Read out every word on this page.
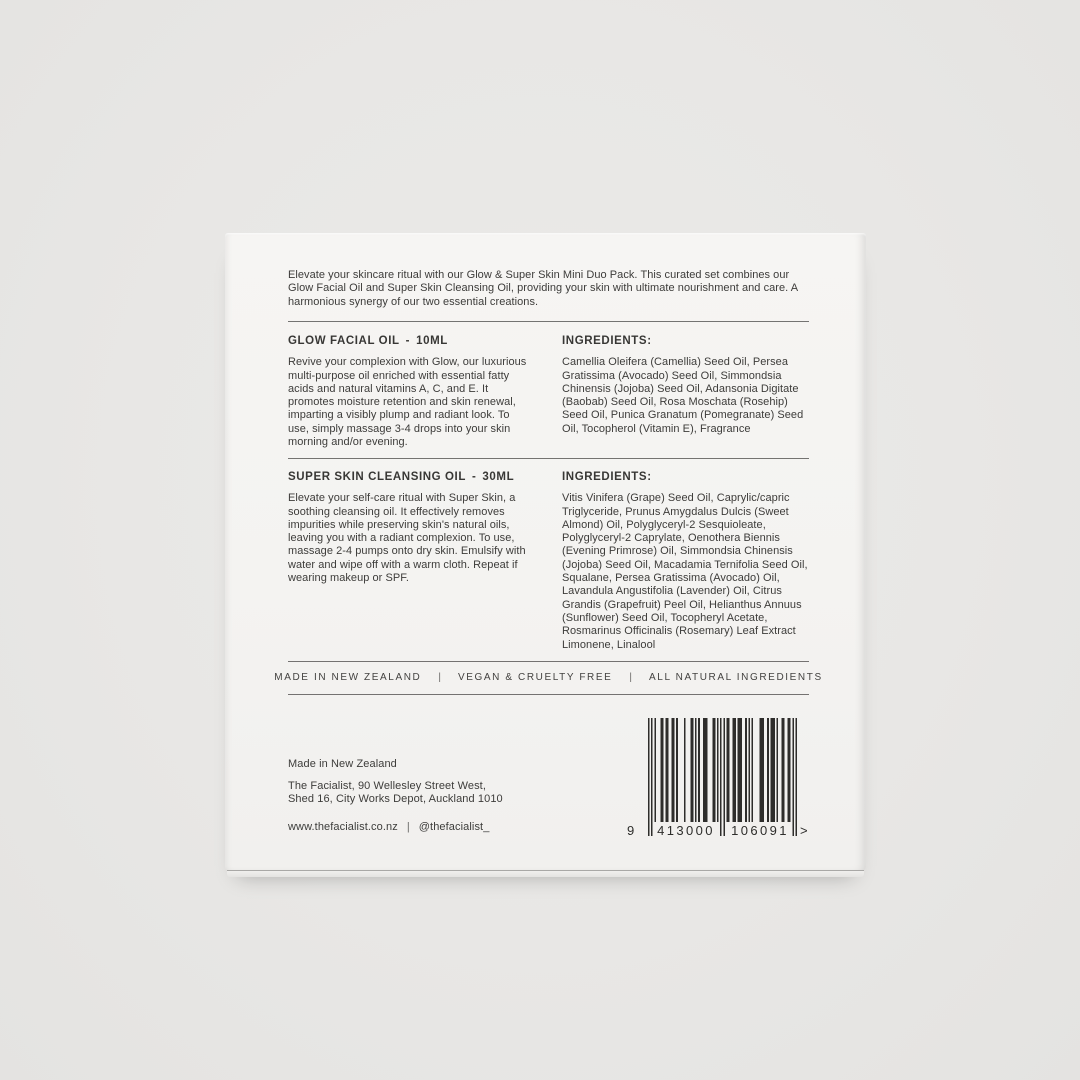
Elevate your skincare ritual with our Glow & Super Skin Mini Duo Pack. This curated set combines our Glow Facial Oil and Super Skin Cleansing Oil, providing your skin with ultimate nourishment and care. A harmonious synergy of our two essential creations.

GLOW FACIAL OIL - 10ML

Revive your complexion with Glow, our luxurious multi-purpose oil enriched with essential fatty acids and natural vitamins A, C, and E. It promotes moisture retention and skin renewal, imparting a visibly plump and radiant look. To use, simply massage 3-4 drops into your skin morning and/or evening.

INGREDIENTS:

Camellia Oleifera (Camellia) Seed Oil, Persea Gratissima (Avocado) Seed Oil, Simmondsia Chinensis (Jojoba) Seed Oil, Adansonia Digitate (Baobab) Seed Oil, Rosa Moschata (Rosehip) Seed Oil, Punica Granatum (Pomegranate) Seed Oil, Tocopherol (Vitamin E), Fragrance

SUPER SKIN CLEANSING OIL - 30ML

Elevate your self-care ritual with Super Skin, a soothing cleansing oil. It effectively removes impurities while preserving skin's natural oils, leaving you with a radiant complexion. To use, massage 2-4 pumps onto dry skin. Emulsify with water and wipe off with a warm cloth. Repeat if wearing makeup or SPF.

INGREDIENTS:

Vitis Vinifera (Grape) Seed Oil, Caprylic/capric Triglyceride, Prunus Amygdalus Dulcis (Sweet Almond) Oil, Polyglyceryl-2 Sesquioleate, Polyglyceryl-2 Caprylate, Oenothera Biennis (Evening Primrose) Oil, Simmondsia Chinensis (Jojoba) Seed Oil, Macadamia Ternifolia Seed Oil, Squalane, Persea Gratissima (Avocado) Oil, Lavandula Angustifolia (Lavender) Oil, Citrus Grandis (Grapefruit) Peel Oil, Helianthus Annuus (Sunflower) Seed Oil, Tocopheryl Acetate, Rosmarinus Officinalis (Rosemary) Leaf Extract Limonene, Linalool

MADE IN NEW ZEALAND | VEGAN & CRUELTY FREE | ALL NATURAL INGREDIENTS

Made in New Zealand

The Facialist, 90 Wellesley Street West,
Shed 16, City Works Depot, Auckland 1010

www.thefacialist.co.nz | @thefacialist_	9 413000 106091 >
